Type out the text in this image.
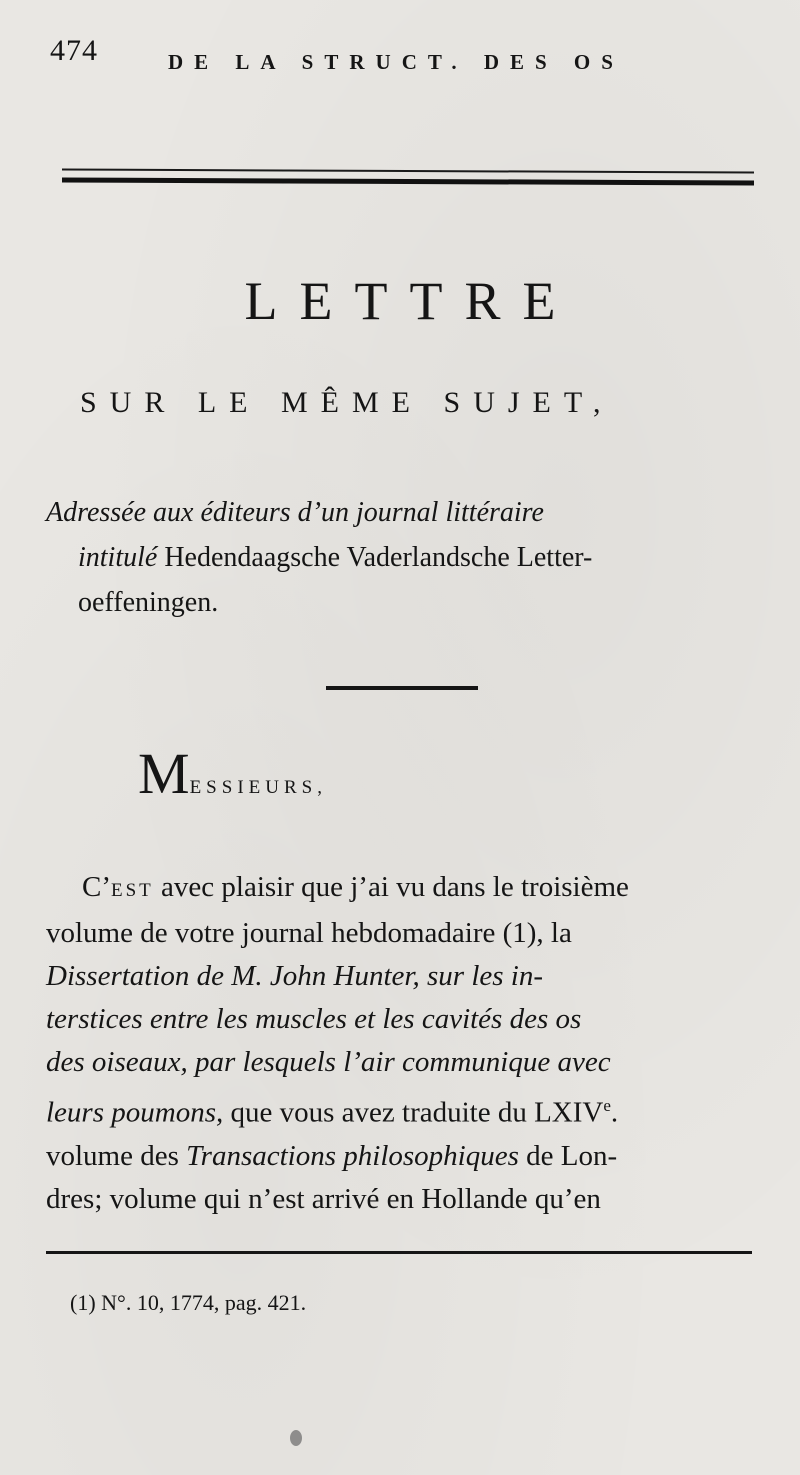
474	DE LA STRUCT. DES OS
LETTRE
SUR LE MÊME SUJET,
Adressée aux éditeurs d’un journal littéraire
intitulé Hedendaagsche Vaderlandsche Letter-
oeffeningen.
MESSIEURS,
C’EST avec plaisir que j’ai vu dans le troisième
volume de votre journal hebdomadaire (1), la
Dissertation de M. John Hunter, sur les in-
terstices entre les muscles et les cavités des os
des oiseaux, par lesquels l’air communique avec
leurs poumons, que vous avez traduite du LXIVe.
volume des Transactions philosophiques de Lon-
dres; volume qui n’est arrivé en Hollande qu’en
(1) N°. 10, 1774, pag. 421.
